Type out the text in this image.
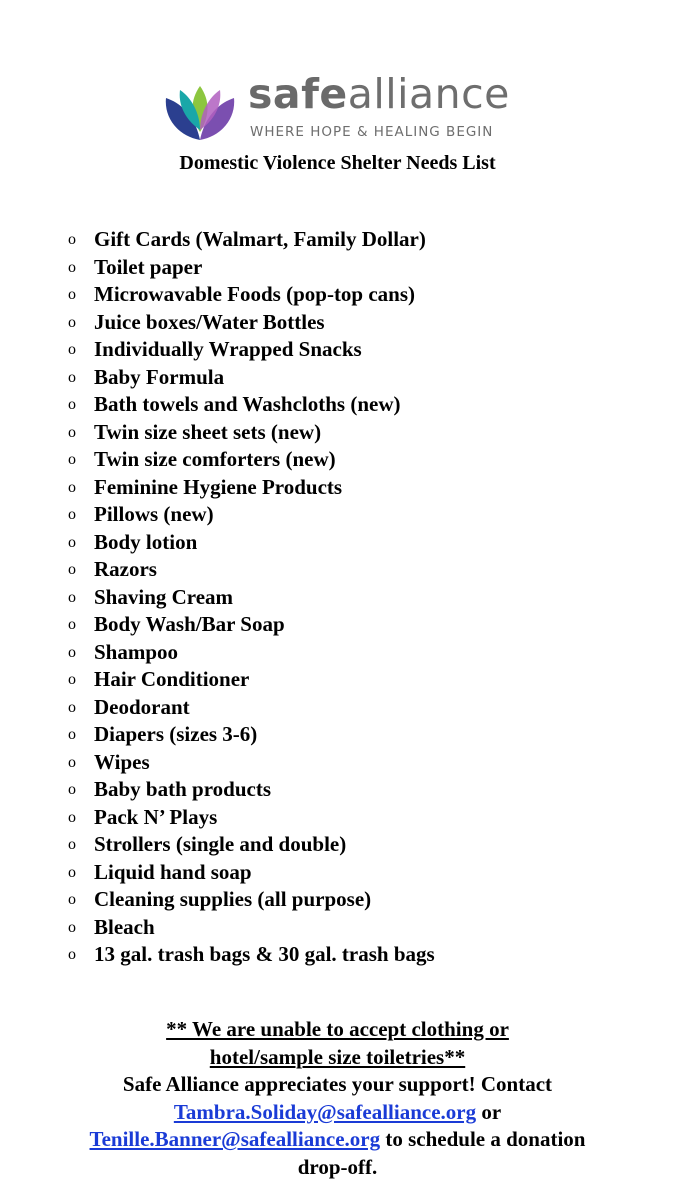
safealliance
WHERE HOPE & HEALING BEGIN
Domestic Violence Shelter Needs List
o Gift Cards (Walmart, Family Dollar)
o Toilet paper
o Microwavable Foods (pop-top cans)
o Juice boxes/Water Bottles
o Individually Wrapped Snacks
o Baby Formula
o Bath towels and Washcloths (new)
o Twin size sheet sets (new)
o Twin size comforters (new)
o Feminine Hygiene Products
o Pillows (new)
o Body lotion
o Razors
o Shaving Cream
o Body Wash/Bar Soap
o Shampoo
o Hair Conditioner
o Deodorant
o Diapers (sizes 3-6)
o Wipes
o Baby bath products
o Pack N’ Plays
o Strollers (single and double)
o Liquid hand soap
o Cleaning supplies (all purpose)
o Bleach
o 13 gal. trash bags & 30 gal. trash bags
** We are unable to accept clothing or
hotel/sample size toiletries**
Safe Alliance appreciates your support! Contact
Tambra.Soliday@safealliance.org or
Tenille.Banner@safealliance.org to schedule a donation
drop-off.
